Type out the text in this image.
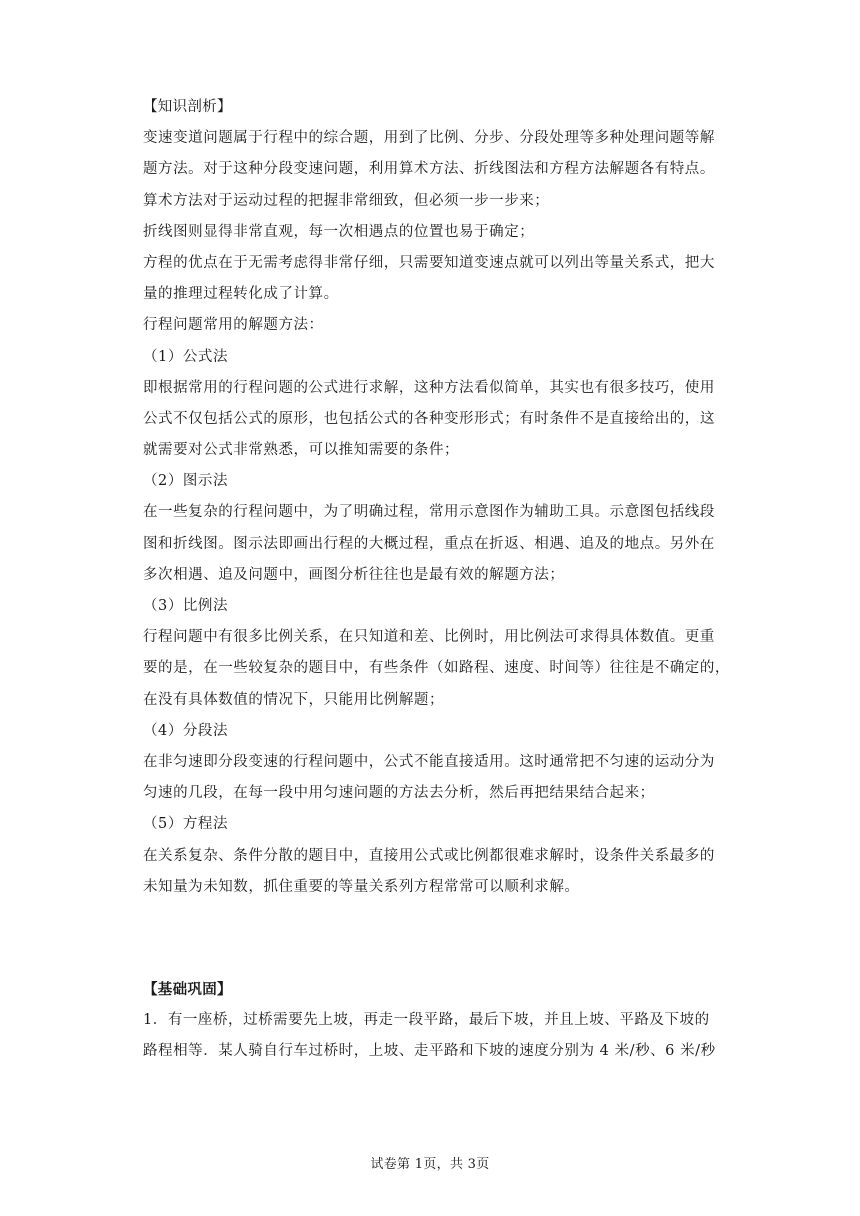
【知识剖析】
变速变道问题属于行程中的综合题，用到了比例、分步、分段处理等多种处理问题等解
题方法。对于这种分段变速问题，利用算术方法、折线图法和方程方法解题各有特点。
算术方法对于运动过程的把握非常细致，但必须一步一步来；
折线图则显得非常直观，每一次相遇点的位置也易于确定；
方程的优点在于无需考虑得非常仔细，只需要知道变速点就可以列出等量关系式，把大
量的推理过程转化成了计算。
行程问题常用的解题方法：
（1）公式法
即根据常用的行程问题的公式进行求解，这种方法看似简单，其实也有很多技巧，使用
公式不仅包括公式的原形，也包括公式的各种变形形式；有时条件不是直接给出的，这
就需要对公式非常熟悉，可以推知需要的条件；
（2）图示法
在一些复杂的行程问题中，为了明确过程，常用示意图作为辅助工具。示意图包括线段
图和折线图。图示法即画出行程的大概过程，重点在折返、相遇、追及的地点。另外在
多次相遇、追及问题中，画图分析往往也是最有效的解题方法；
（3）比例法
行程问题中有很多比例关系，在只知道和差、比例时，用比例法可求得具体数值。更重
要的是，在一些较复杂的题目中，有些条件（如路程、速度、时间等）往往是不确定的，
在没有具体数值的情况下，只能用比例解题；
（4）分段法
在非匀速即分段变速的行程问题中，公式不能直接适用。这时通常把不匀速的运动分为
匀速的几段，在每一段中用匀速问题的方法去分析，然后再把结果结合起来；
（5）方程法
在关系复杂、条件分散的题目中，直接用公式或比例都很难求解时，设条件关系最多的
未知量为未知数，抓住重要的等量关系列方程常常可以顺利求解。
【基础巩固】
1．有一座桥，过桥需要先上坡，再走一段平路，最后下坡，并且上坡、平路及下坡的
路程相等．某人骑自行车过桥时，上坡、走平路和下坡的速度分别为 4 米/秒、6 米/秒
试卷第 1页，共 3页
